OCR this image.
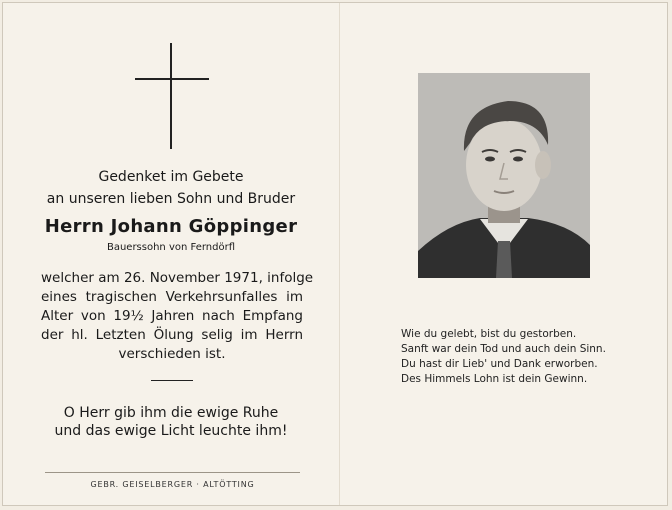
Gedenket im Gebete
an unseren lieben Sohn und Bruder
Herrn Johann Göppinger
Bauerssohn von Ferndörfl
welcher am 26. November 1971, infolge
eines tragischen Verkehrsunfalles im
Alter von 19½ Jahren nach Empfang
der hl. Letzten Ölung selig im Herrn
verschieden ist.
O Herr gib ihm die ewige Ruhe
und das ewige Licht leuchte ihm!
GEBR. GEISELBERGER · ALTÖTTING
Wie du gelebt, bist du gestorben.
Sanft war dein Tod und auch dein Sinn.
Du hast dir Lieb' und Dank erworben.
Des Himmels Lohn ist dein Gewinn.
